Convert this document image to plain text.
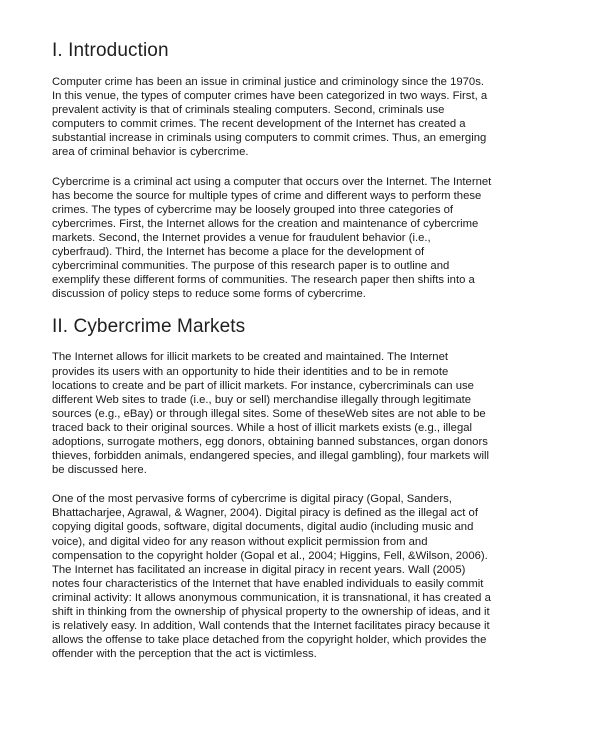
I. Introduction

Computer crime has been an issue in criminal justice and criminology since the 1970s.
In this venue, the types of computer crimes have been categorized in two ways. First, a
prevalent activity is that of criminals stealing computers. Second, criminals use
computers to commit crimes. The recent development of the Internet has created a
substantial increase in criminals using computers to commit crimes. Thus, an emerging
area of criminal behavior is cybercrime.

Cybercrime is a criminal act using a computer that occurs over the Internet. The Internet
has become the source for multiple types of crime and different ways to perform these
crimes. The types of cybercrime may be loosely grouped into three categories of
cybercrimes. First, the Internet allows for the creation and maintenance of cybercrime
markets. Second, the Internet provides a venue for fraudulent behavior (i.e.,
cyberfraud). Third, the Internet has become a place for the development of
cybercriminal communities. The purpose of this research paper is to outline and
exemplify these different forms of communities. The research paper then shifts into a
discussion of policy steps to reduce some forms of cybercrime.

II. Cybercrime Markets

The Internet allows for illicit markets to be created and maintained. The Internet
provides its users with an opportunity to hide their identities and to be in remote
locations to create and be part of illicit markets. For instance, cybercriminals can use
different Web sites to trade (i.e., buy or sell) merchandise illegally through legitimate
sources (e.g., eBay) or through illegal sites. Some of theseWeb sites are not able to be
traced back to their original sources. While a host of illicit markets exists (e.g., illegal
adoptions, surrogate mothers, egg donors, obtaining banned substances, organ donors
thieves, forbidden animals, endangered species, and illegal gambling), four markets will
be discussed here.

One of the most pervasive forms of cybercrime is digital piracy (Gopal, Sanders,
Bhattacharjee, Agrawal, & Wagner, 2004). Digital piracy is defined as the illegal act of
copying digital goods, software, digital documents, digital audio (including music and
voice), and digital video for any reason without explicit permission from and
compensation to the copyright holder (Gopal et al., 2004; Higgins, Fell, &Wilson, 2006).
The Internet has facilitated an increase in digital piracy in recent years. Wall (2005)
notes four characteristics of the Internet that have enabled individuals to easily commit
criminal activity: It allows anonymous communication, it is transnational, it has created a
shift in thinking from the ownership of physical property to the ownership of ideas, and it
is relatively easy. In addition, Wall contends that the Internet facilitates piracy because it
allows the offense to take place detached from the copyright holder, which provides the
offender with the perception that the act is victimless.
